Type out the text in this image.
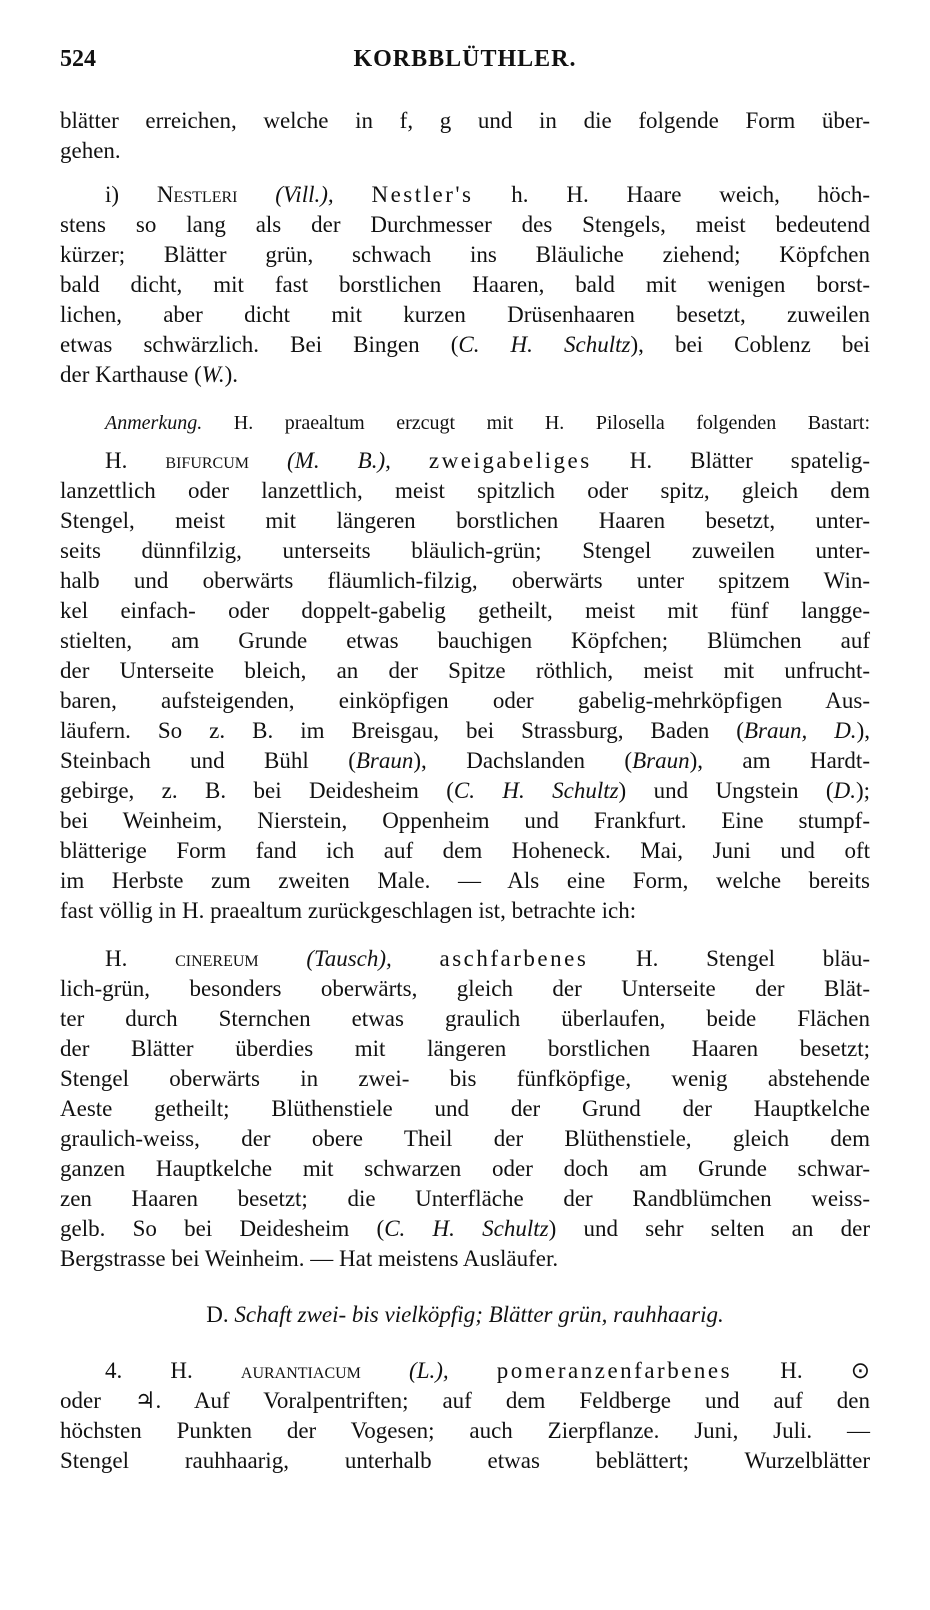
524	KORBBLÜTHLER.
blätter erreichen, welche in f, g und in die folgende Form über-
gehen.
i) Nestleri (Vill.), Nestler's h. H. Haare weich, höch-
stens so lang als der Durchmesser des Stengels, meist bedeutend
kürzer; Blätter grün, schwach ins Bläuliche ziehend; Köpfchen
bald dicht, mit fast borstlichen Haaren, bald mit wenigen borst-
lichen, aber dicht mit kurzen Drüsenhaaren besetzt, zuweilen
etwas schwärzlich. Bei Bingen (C. H. Schultz), bei Coblenz bei
der Karthause (W.).
Anmerkung. H. praealtum erzcugt mit H. Pilosella folgenden Bastart:
H. bifurcum (M. B.), zweigabeliges H. Blätter spatelig-
lanzettlich oder lanzettlich, meist spitzlich oder spitz, gleich dem
Stengel, meist mit längeren borstlichen Haaren besetzt, unter-
seits dünnfilzig, unterseits bläulich-grün; Stengel zuweilen unter-
halb und oberwärts fläumlich-filzig, oberwärts unter spitzem Win-
kel einfach- oder doppelt-gabelig getheilt, meist mit fünf langge-
stielten, am Grunde etwas bauchigen Köpfchen; Blümchen auf
der Unterseite bleich, an der Spitze röthlich, meist mit unfrucht-
baren, aufsteigenden, einköpfigen oder gabelig-mehrköpfigen Aus-
läufern. So z. B. im Breisgau, bei Strassburg, Baden (Braun, D.),
Steinbach und Bühl (Braun), Dachslanden (Braun), am Hardt-
gebirge, z. B. bei Deidesheim (C. H. Schultz) und Ungstein (D.);
bei Weinheim, Nierstein, Oppenheim und Frankfurt. Eine stumpf-
blätterige Form fand ich auf dem Hoheneck. Mai, Juni und oft
im Herbste zum zweiten Male. — Als eine Form, welche bereits
fast völlig in H. praealtum zurückgeschlagen ist, betrachte ich:
H. cinereum (Tausch), aschfarbenes H. Stengel bläu-
lich-grün, besonders oberwärts, gleich der Unterseite der Blät-
ter durch Sternchen etwas graulich überlaufen, beide Flächen
der Blätter überdies mit längeren borstlichen Haaren besetzt;
Stengel oberwärts in zwei- bis fünfköpfige, wenig abstehende
Aeste getheilt; Blüthenstiele und der Grund der Hauptkelche
graulich-weiss, der obere Theil der Blüthenstiele, gleich dem
ganzen Hauptkelche mit schwarzen oder doch am Grunde schwar-
zen Haaren besetzt; die Unterfläche der Randblümchen weiss-
gelb. So bei Deidesheim (C. H. Schultz) und sehr selten an der
Bergstrasse bei Weinheim. — Hat meistens Ausläufer.
D. Schaft zwei- bis vielköpfig; Blätter grün, rauhhaarig.
4. H. aurantiacum (L.), pomeranzenfarbenes H. ⊙
oder ♃. Auf Voralpentriften; auf dem Feldberge und auf den
höchsten Punkten der Vogesen; auch Zierpflanze. Juni, Juli. —
Stengel rauhhaarig, unterhalb etwas beblättert; Wurzelblätter
